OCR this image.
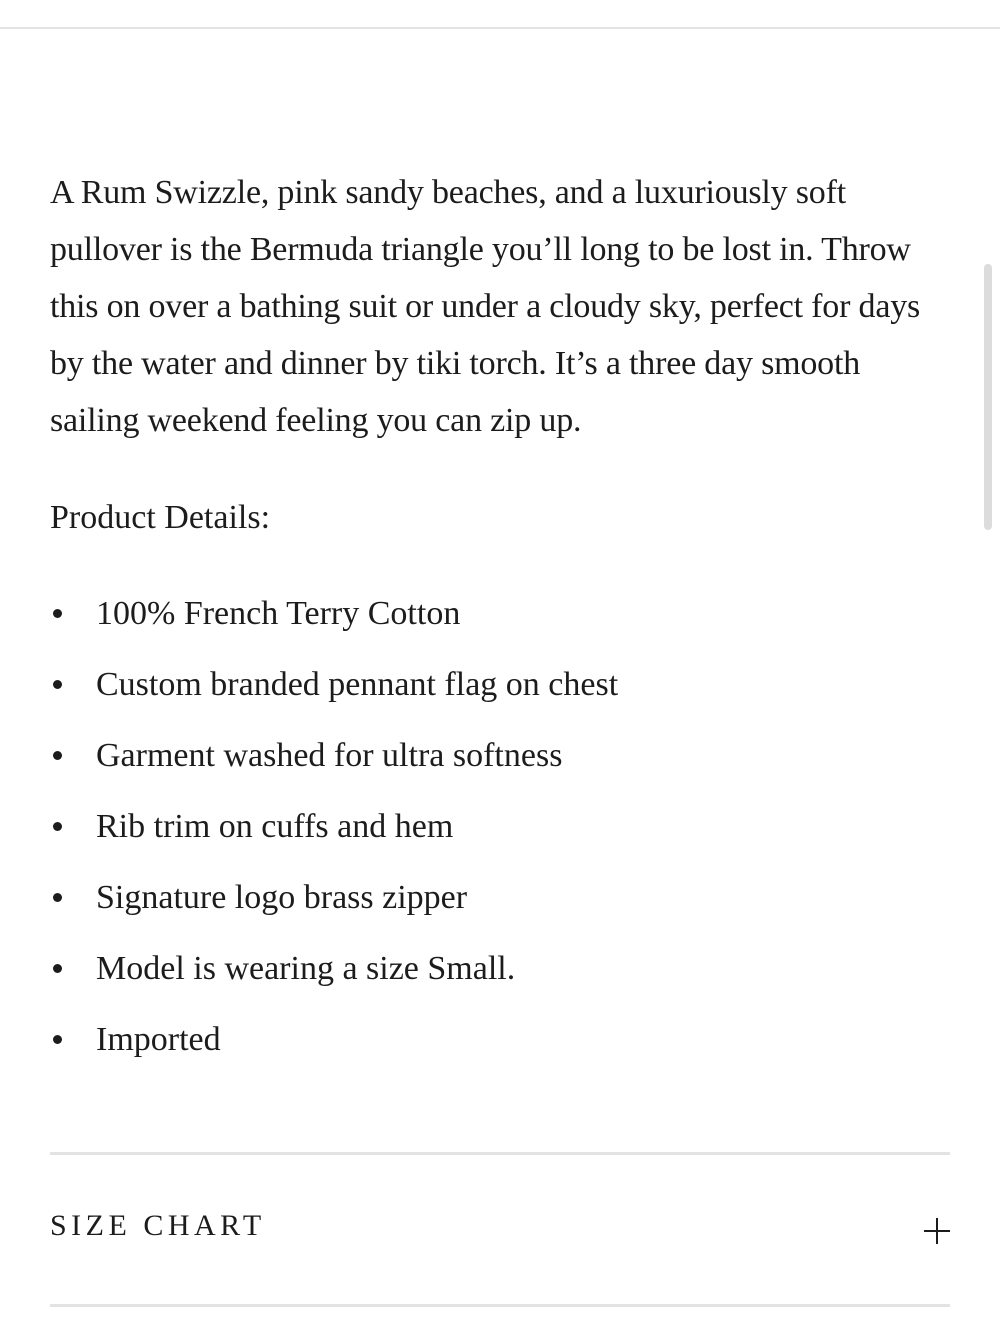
A Rum Swizzle, pink sandy beaches, and a luxuriously soft pullover is the Bermuda triangle you’ll long to be lost in. Throw this on over a bathing suit or under a cloudy sky, perfect for days by the water and dinner by tiki torch. It’s a three day smooth sailing weekend feeling you can zip up.

Product Details:

100% French Terry Cotton
Custom branded pennant flag on chest
Garment washed for ultra softness
Rib trim on cuffs and hem
Signature logo brass zipper
Model is wearing a size Small.
Imported
SIZE CHART
